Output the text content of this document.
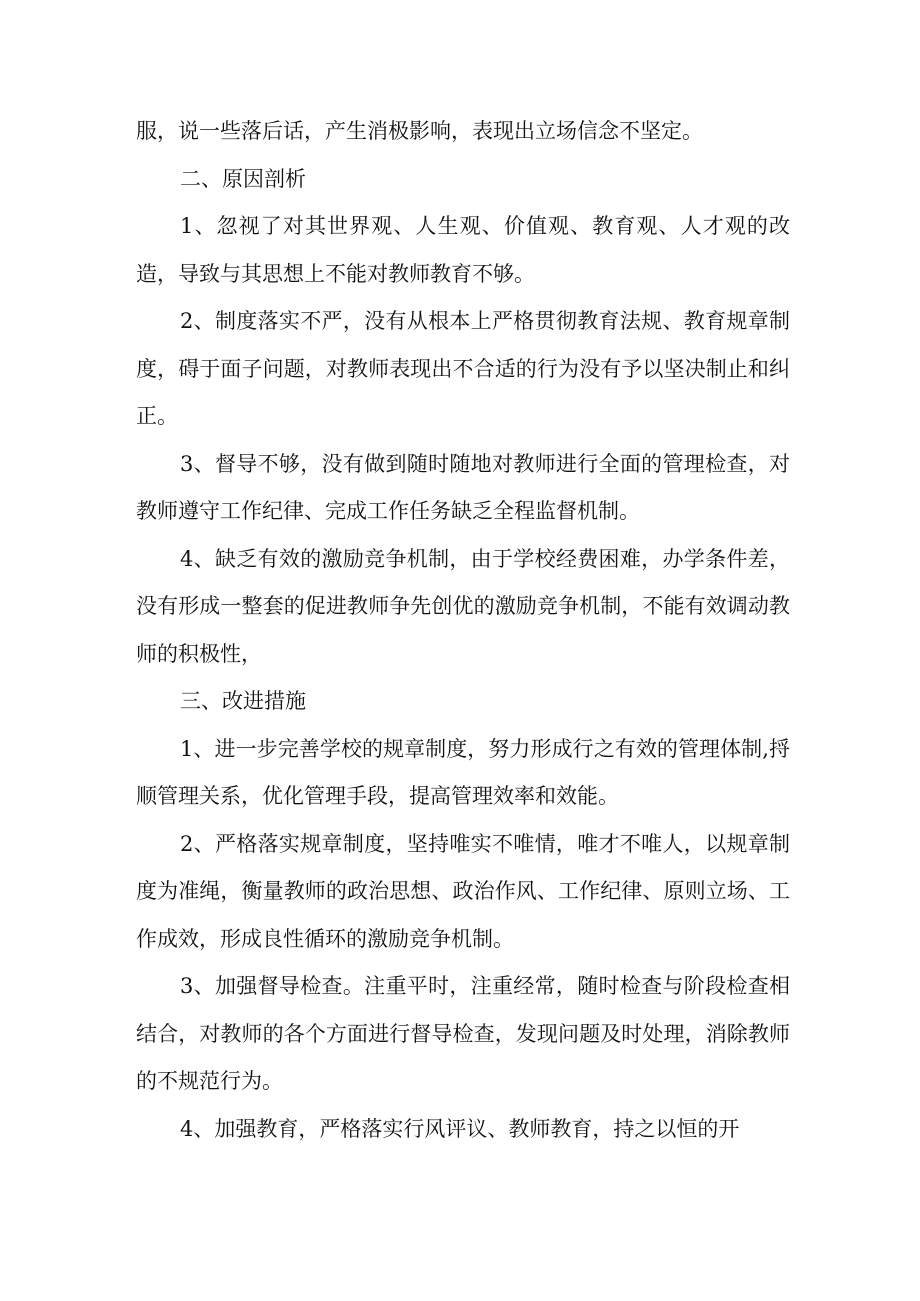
服，说一些落后话，产生消极影响，表现出立场信念不坚定。

二、原因剖析

1、忽视了对其世界观、人生观、价值观、教育观、人才观的改造，导致与其思想上不能对教师教育不够。

2、制度落实不严，没有从根本上严格贯彻教育法规、教育规章制度，碍于面子问题，对教师表现出不合适的行为没有予以坚决制止和纠正。

3、督导不够，没有做到随时随地对教师进行全面的管理检查，对教师遵守工作纪律、完成工作任务缺乏全程监督机制。

4、缺乏有效的激励竞争机制，由于学校经费困难，办学条件差，没有形成一整套的促进教师争先创优的激励竞争机制，不能有效调动教师的积极性，

三、改进措施

1、进一步完善学校的规章制度，努力形成行之有效的管理体制,捋顺管理关系，优化管理手段，提高管理效率和效能。

2、严格落实规章制度，坚持唯实不唯情，唯才不唯人，以规章制度为准绳，衡量教师的政治思想、政治作风、工作纪律、原则立场、工作成效，形成良性循环的激励竞争机制。

3、加强督导检查。注重平时，注重经常，随时检查与阶段检查相结合，对教师的各个方面进行督导检查，发现问题及时处理，消除教师的不规范行为。

4、加强教育，严格落实行风评议、教师教育，持之以恒的开
